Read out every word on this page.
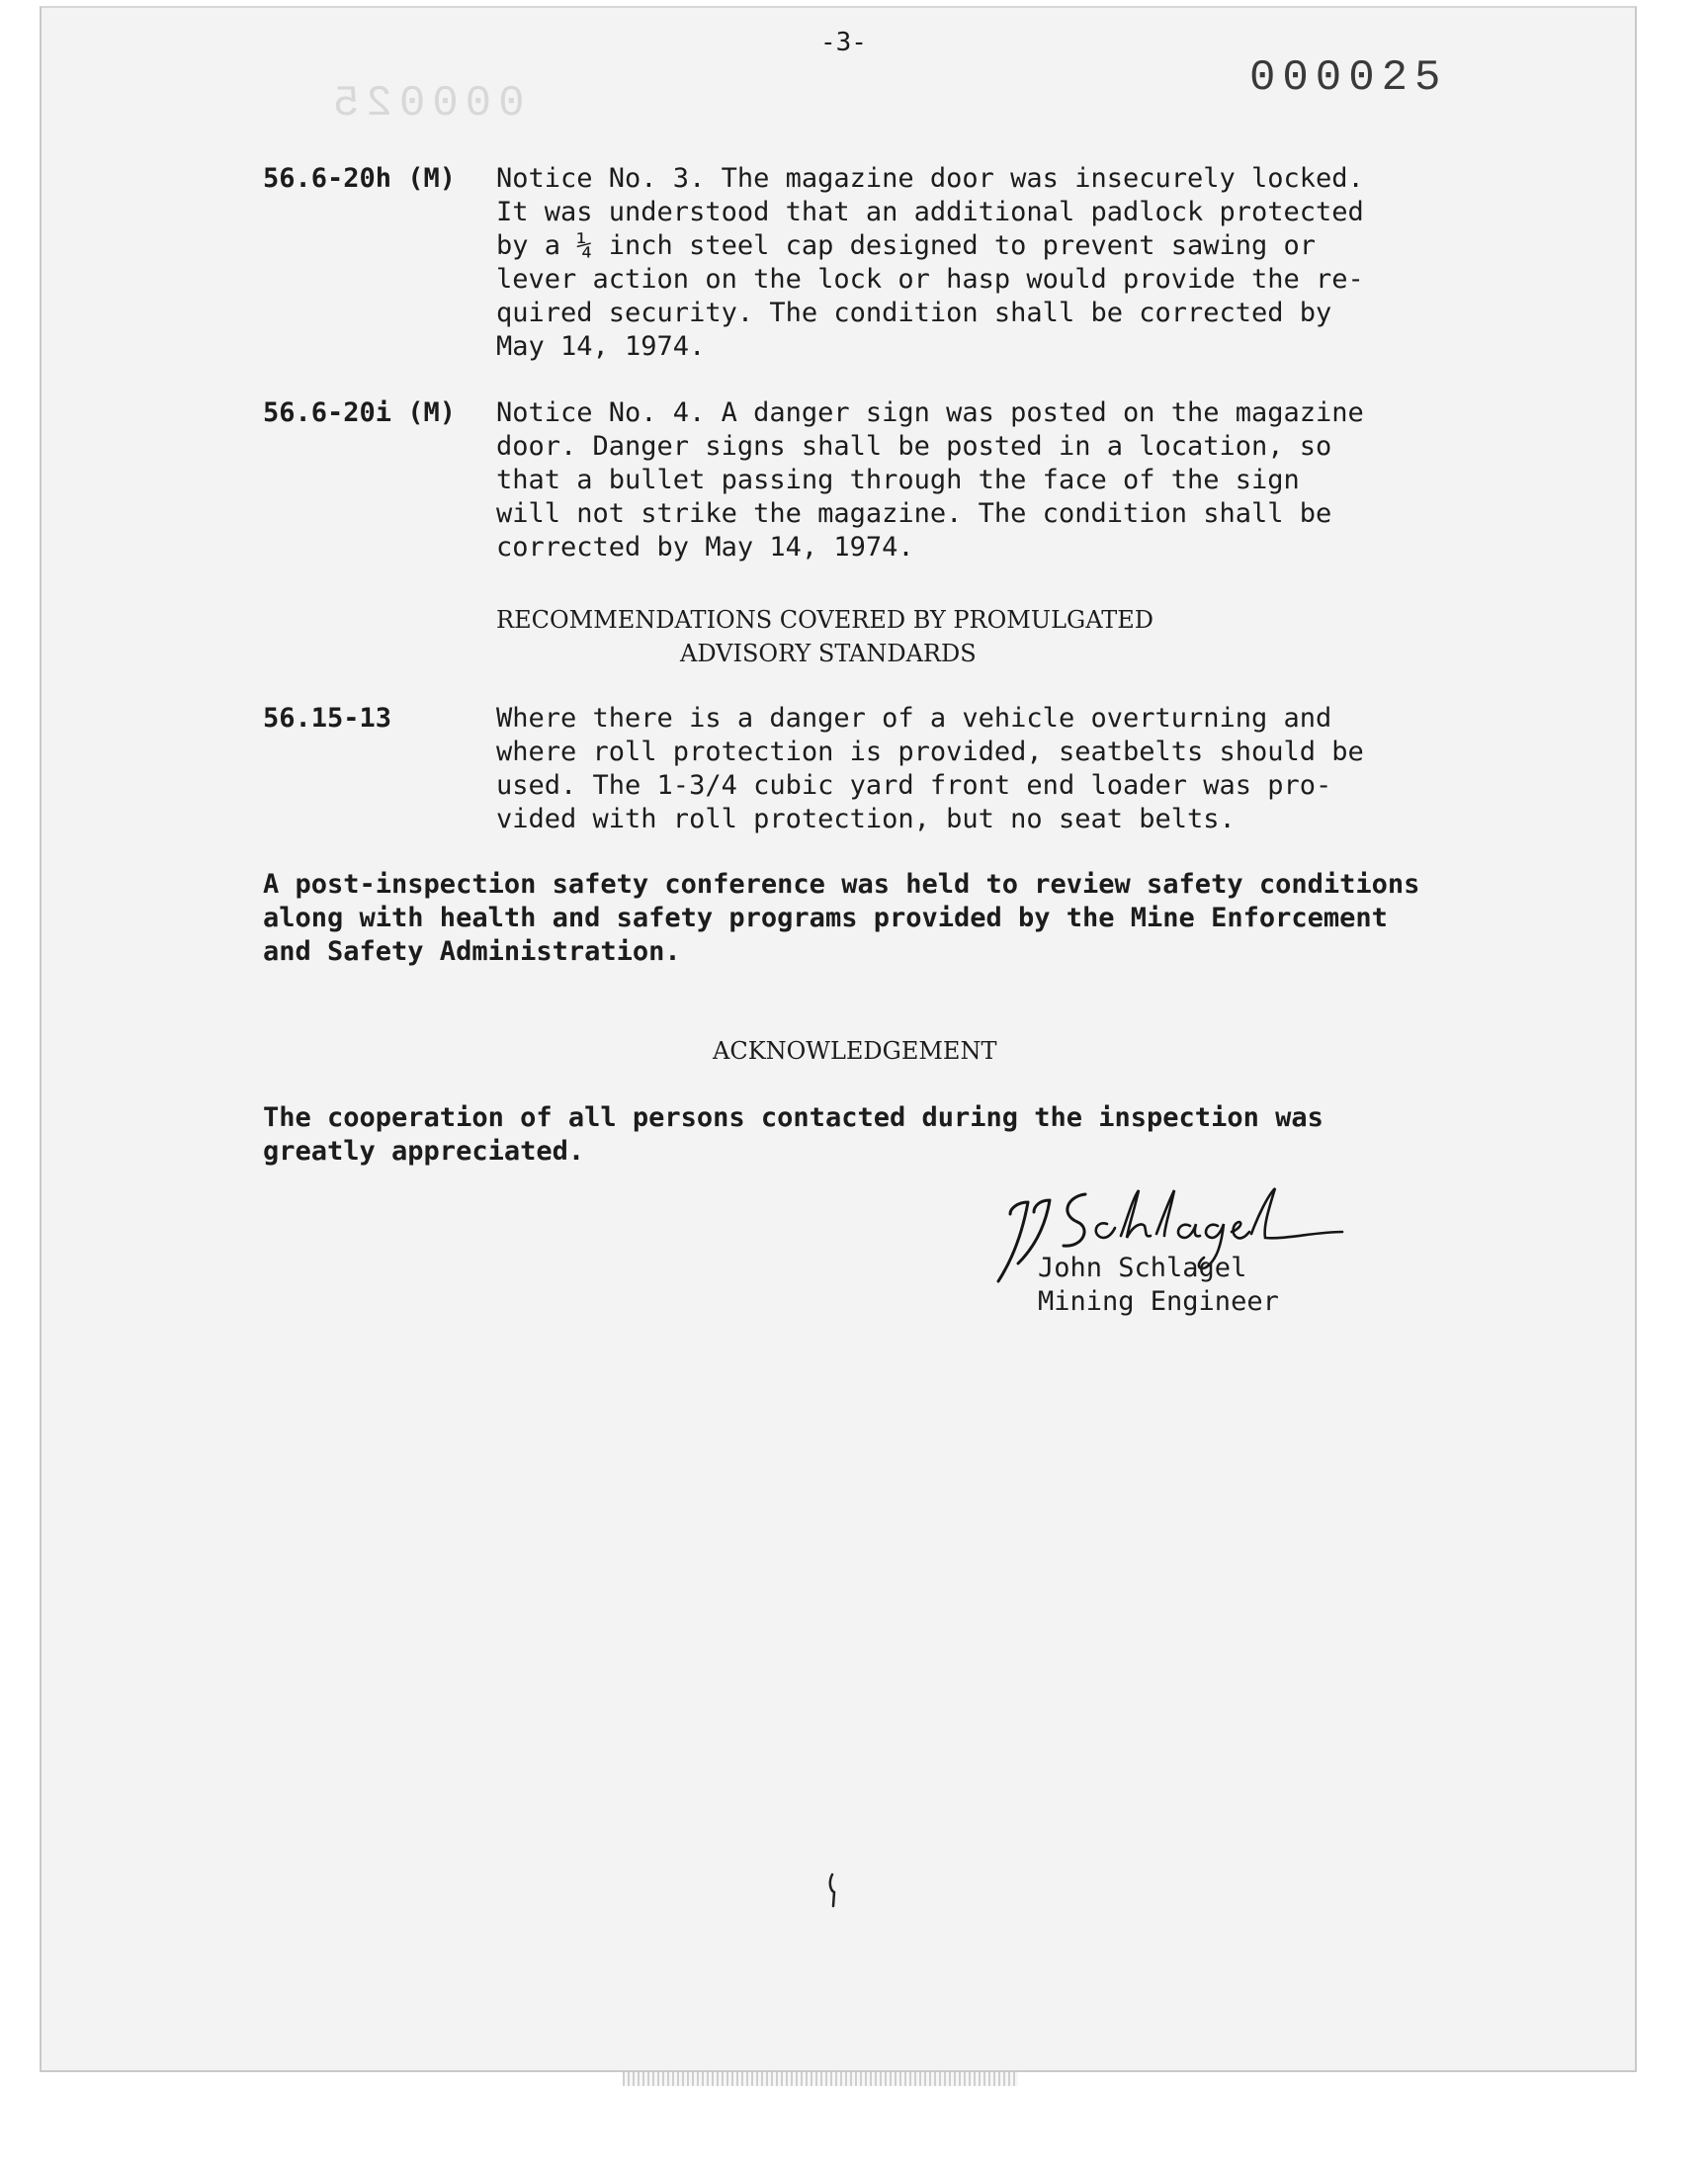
000025
-3-
000025
56.6-20h (M) Notice No. 3. The magazine door was insecurely locked.
It was understood that an additional padlock protected
by a ¼ inch steel cap designed to prevent sawing or
lever action on the lock or hasp would provide the re-
quired security. The condition shall be corrected by
May 14, 1974.
56.6-20i (M) Notice No. 4. A danger sign was posted on the magazine
door. Danger signs shall be posted in a location, so
that a bullet passing through the face of the sign
will not strike the magazine. The condition shall be
corrected by May 14, 1974.
RECOMMENDATIONS COVERED BY PROMULGATED
ADVISORY STANDARDS
56.15-13	Where there is a danger of a vehicle overturning and
where roll protection is provided, seatbelts should be
used. The 1-3/4 cubic yard front end loader was pro-
vided with roll protection, but no seat belts.
A post-inspection safety conference was held to review safety conditions
along with health and safety programs provided by the Mine Enforcement
and Safety Administration.
ACKNOWLEDGEMENT
The cooperation of all persons contacted during the inspection was
greatly appreciated.
John Schlagel
Mining Engineer
